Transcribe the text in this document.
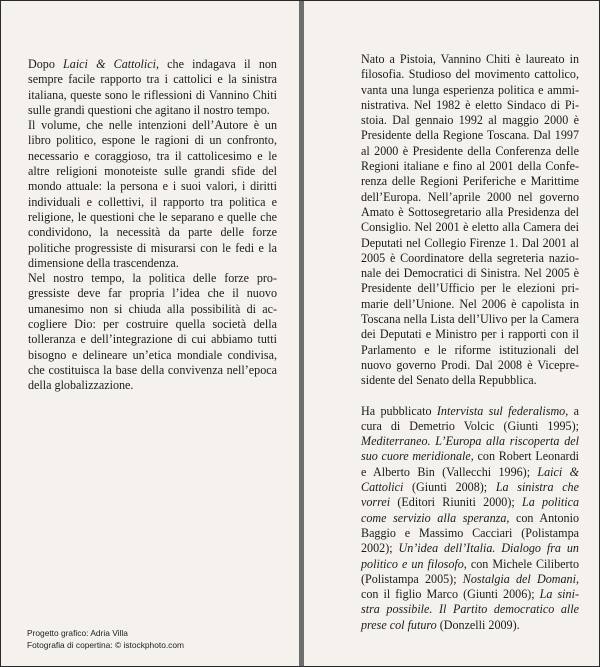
Dopo Laici & Cattolici, che indagava il non sempre facile rapporto tra i cattolici e la sinistra italiana, queste sono le riflessioni di Vannino Chiti sulle grandi questioni che agitano il nostro tempo.

Il volume, che nelle intenzioni dell’Autore è un libro politico, espone le ragioni di un confronto, necessario e coraggioso, tra il cattolicesimo e le altre religioni monoteiste sulle grandi sfide del mondo attuale: la persona e i suoi valori, i diritti individuali e collettivi, il rapporto tra politica e religione, le questioni che le separano e quelle che condividono, la necessità da parte delle forze politiche progressiste di misurarsi con le fedi e la dimensione della trascendenza.

Nel nostro tempo, la politica delle forze progressiste deve far propria l’idea che il nuovo umanesimo non si chiuda alla possibilità di accogliere Dio: per costruire quella società della tolleranza e dell’integrazione di cui abbiamo tutti bisogno e delineare un’etica mondiale condivisa, che costituisca la base della convivenza nell’epoca della globalizzazione.

Progetto grafico: Adria Villa
Fotografia di copertina: © istockphoto.com

Nato a Pistoia, Vannino Chiti è laureato in filosofia. Studioso del movimento cattolico, vanta una lunga esperienza politica e amministrativa. Nel 1982 è eletto Sindaco di Pistoia. Dal gennaio 1992 al maggio 2000 è Presidente della Regione Toscana. Dal 1997 al 2000 è Presidente della Conferenza delle Regioni italiane e fino al 2001 della Conferenza delle Regioni Periferiche e Marittime dell’Europa. Nell’aprile 2000 nel governo Amato è Sottosegretario alla Presidenza del Consiglio. Nel 2001 è eletto alla Camera dei Deputati nel Collegio Firenze 1. Dal 2001 al 2005 è Coordinatore della segreteria nazionale dei Democratici di Sinistra. Nel 2005 è Presidente dell’Ufficio per le elezioni primarie dell’Unione. Nel 2006 è capolista in Toscana nella Lista dell’Ulivo per la Camera dei Deputati e Ministro per i rapporti con il Parlamento e le riforme istituzionali del nuovo governo Prodi. Dal 2008 è Vicepresidente del Senato della Repubblica.

Ha pubblicato Intervista sul federalismo, a cura di Demetrio Volcic (Giunti 1995); Mediterraneo. L’Europa alla riscoperta del suo cuore meridionale, con Robert Leonardi e Alberto Bin (Vallecchi 1996); Laici & Cattolici (Giunti 2008); La sinistra che vorrei (Editori Riuniti 2000); La politica come servizio alla speranza, con Antonio Baggio e Massimo Cacciari (Polistampa 2002); Un’idea dell’Italia. Dialogo fra un politico e un filosofo, con Michele Ciliberto (Polistampa 2005); Nostalgia del Domani, con il figlio Marco (Giunti 2006); La sinistra possibile. Il Partito democratico alle prese col futuro (Donzelli 2009).
